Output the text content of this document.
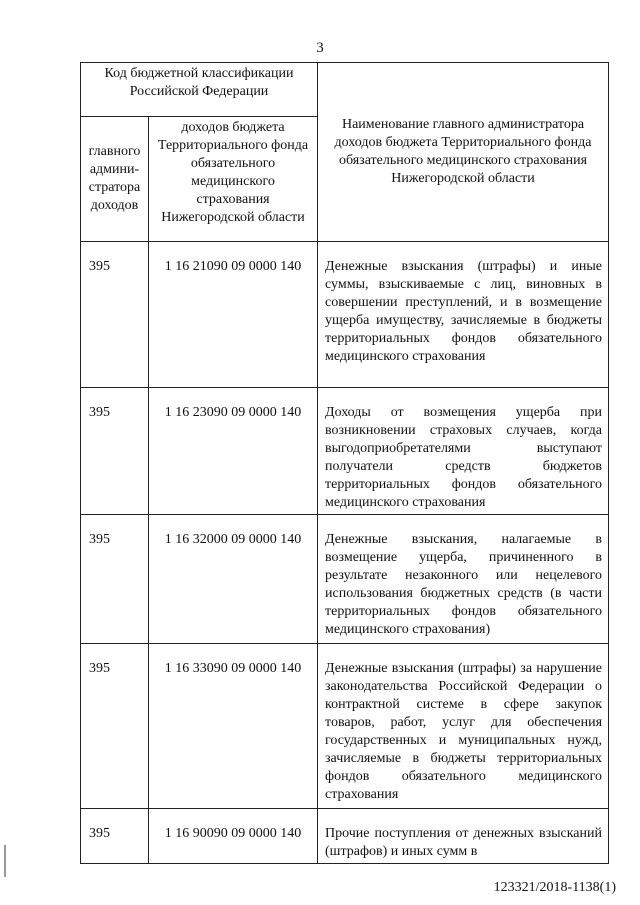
3
Код бюджетной классификации Российской Федерации		Наименование главного администратора доходов бюджета Территориального фонда обязательного медицинского страхования Нижегородской области
главного админи-стратора доходов	доходов бюджета Территориального фонда обязательного медицинского страхования Нижегородской области	
395	1 16 21090 09 0000 140	Денежные взыскания (штрафы) и иные суммы, взыскиваемые с лиц, виновных в совершении преступлений, и в возмещение ущерба имуществу, зачисляемые в бюджеты территориальных фондов обязательного медицинского страхования
395	1 16 23090 09 0000 140	Доходы от возмещения ущерба при возникновении страховых случаев, когда выгодоприобретателями выступают получатели средств бюджетов территориальных фондов обязательного медицинского страхования
395	1 16 32000 09 0000 140	Денежные взыскания, налагаемые в возмещение ущерба, причиненного в результате незаконного или нецелевого использования бюджетных средств (в части территориальных фондов обязательного медицинского страхования)
395	1 16 33090 09 0000 140	Денежные взыскания (штрафы) за нарушение законодательства Российской Федерации о контрактной системе в сфере закупок товаров, работ, услуг для обеспечения государственных и муниципальных нужд, зачисляемые в бюджеты территориальных фондов обязательного медицинского страхования
395	1 16 90090 09 0000 140	Прочие поступления от денежных взысканий (штрафов) и иных сумм в
123321/2018-1138(1)
